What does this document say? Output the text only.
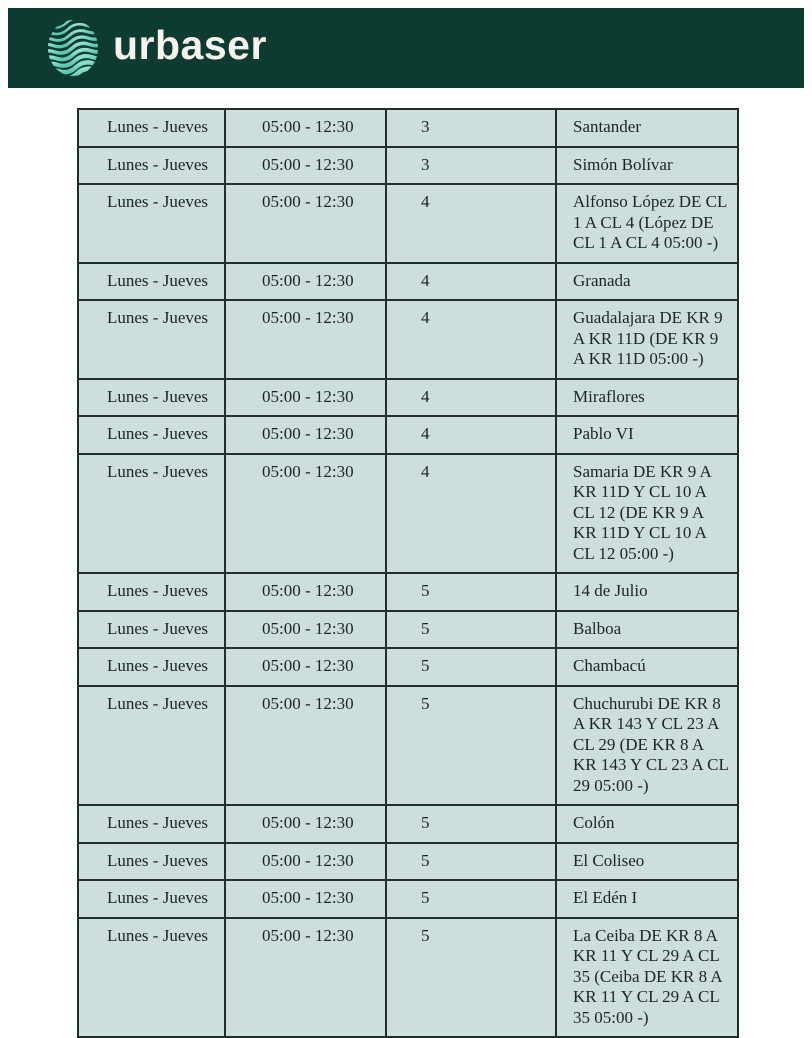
urbaser
Lunes - Jueves	05:00 - 12:30	3	Santander
Lunes - Jueves	05:00 - 12:30	3	Simón Bolívar
Lunes - Jueves	05:00 - 12:30	4	Alfonso López DE CL 1 A CL 4 (López DE CL 1 A CL 4 05:00 -)
Lunes - Jueves	05:00 - 12:30	4	Granada
Lunes - Jueves	05:00 - 12:30	4	Guadalajara DE KR 9 A KR 11D (DE KR 9 A KR 11D 05:00 -)
Lunes - Jueves	05:00 - 12:30	4	Miraflores
Lunes - Jueves	05:00 - 12:30	4	Pablo VI
Lunes - Jueves	05:00 - 12:30	4	Samaria DE KR 9 A KR 11D Y CL 10 A CL 12 (DE KR 9 A KR 11D Y CL 10 A CL 12 05:00 -)
Lunes - Jueves	05:00 - 12:30	5	14 de Julio
Lunes - Jueves	05:00 - 12:30	5	Balboa
Lunes - Jueves	05:00 - 12:30	5	Chambacú
Lunes - Jueves	05:00 - 12:30	5	Chuchurubi DE KR 8 A KR 143 Y CL 23 A CL 29 (DE KR 8 A KR 143 Y CL 23 A CL 29 05:00 -)
Lunes - Jueves	05:00 - 12:30	5	Colón
Lunes - Jueves	05:00 - 12:30	5	El Coliseo
Lunes - Jueves	05:00 - 12:30	5	El Edén I
Lunes - Jueves	05:00 - 12:30	5	La Ceiba DE KR 8 A KR 11 Y CL 29 A CL 35 (Ceiba DE KR 8 A KR 11 Y CL 29 A CL 35 05:00 -)
